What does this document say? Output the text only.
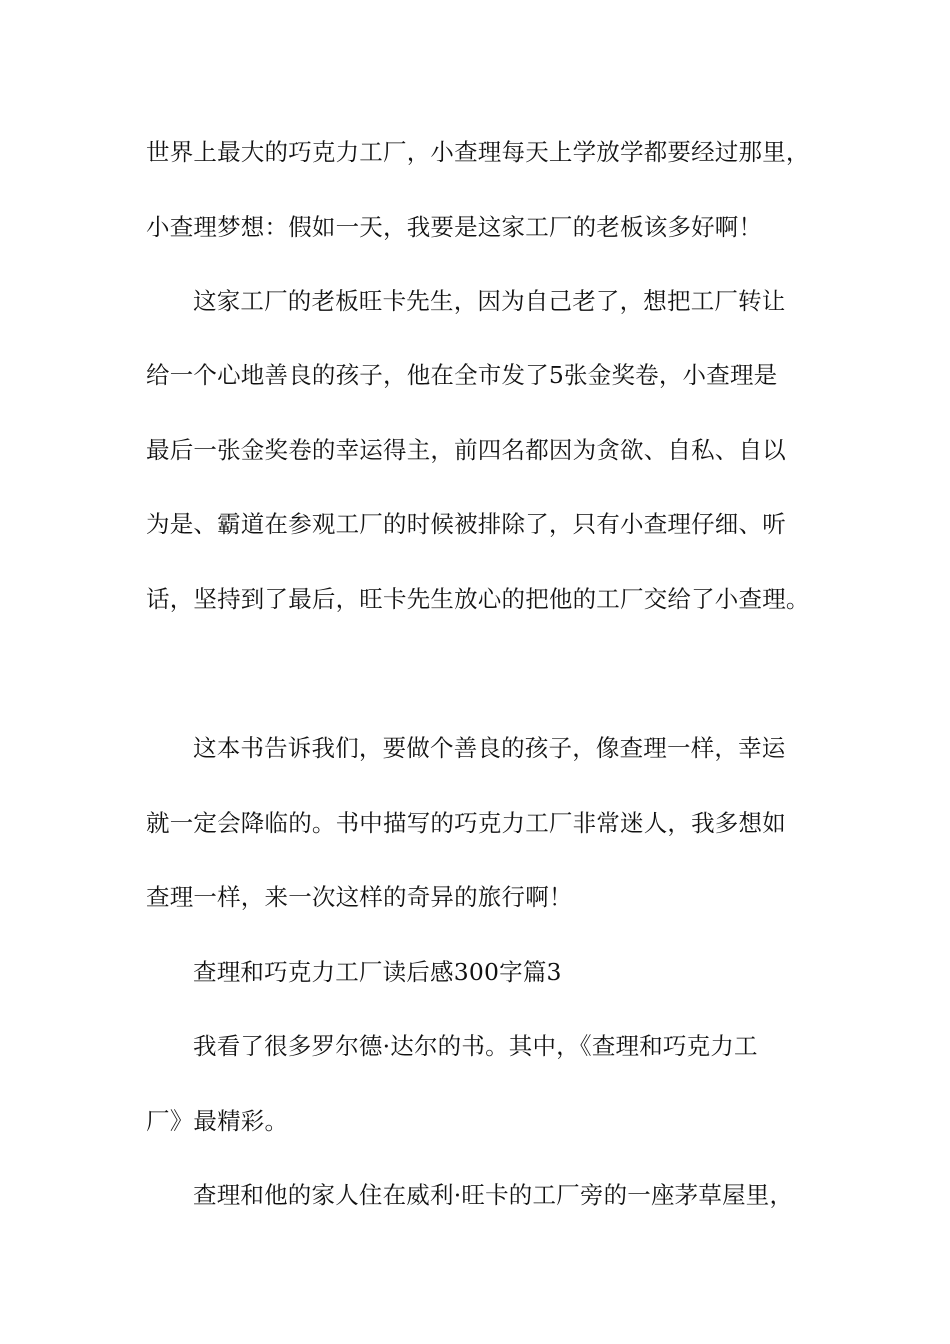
世界上最大的巧克力工厂，小查理每天上学放学都要经过那里，
小查理梦想：假如一天，我要是这家工厂的老板该多好啊！
这家工厂的老板旺卡先生，因为自己老了，想把工厂转让
给一个心地善良的孩子，他在全市发了5张金奖卷，小查理是
最后一张金奖卷的幸运得主，前四名都因为贪欲、自私、自以
为是、霸道在参观工厂的时候被排除了，只有小查理仔细、听
话，坚持到了最后，旺卡先生放心的把他的工厂交给了小查理。
这本书告诉我们，要做个善良的孩子，像查理一样，幸运
就一定会降临的。书中描写的巧克力工厂非常迷人，我多想如
查理一样，来一次这样的奇异的旅行啊！
查理和巧克力工厂读后感300字篇3
我看了很多罗尔德·达尔的书。其中，《查理和巧克力工
厂》最精彩。
查理和他的家人住在威利·旺卡的工厂旁的一座茅草屋里，
